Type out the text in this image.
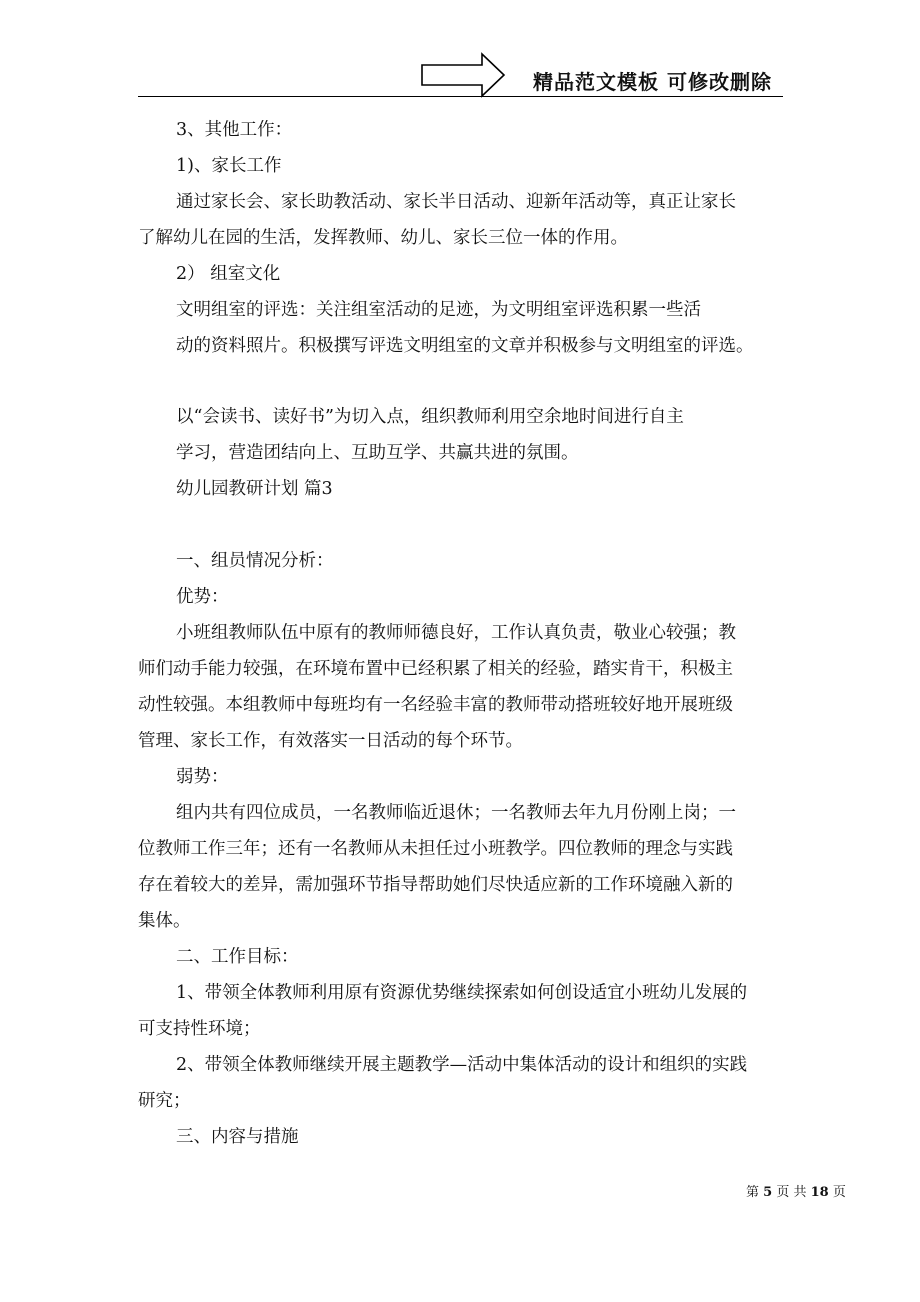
精品范文模板 可修改删除
3、其他工作：
1)、家长工作
通过家长会、家长助教活动、家长半日活动、迎新年活动等，真正让家长
了解幼儿在园的生活，发挥教师、幼儿、家长三位一体的作用。
2） 组室文化
文明组室的评选：关注组室活动的足迹，为文明组室评选积累一些活
动的资料照片。积极撰写评选文明组室的文章并积极参与文明组室的评选。
以“会读书、读好书”为切入点，组织教师利用空余地时间进行自主
学习，营造团结向上、互助互学、共赢共进的氛围。
幼儿园教研计划 篇3
一、组员情况分析：
优势：
小班组教师队伍中原有的教师师德良好，工作认真负责，敬业心较强；教
师们动手能力较强，在环境布置中已经积累了相关的经验，踏实肯干，积极主
动性较强。本组教师中每班均有一名经验丰富的教师带动搭班较好地开展班级
管理、家长工作，有效落实一日活动的每个环节。
弱势：
组内共有四位成员，一名教师临近退休；一名教师去年九月份刚上岗；一
位教师工作三年；还有一名教师从未担任过小班教学。四位教师的理念与实践
存在着较大的差异，需加强环节指导帮助她们尽快适应新的工作环境融入新的
集体。
二、工作目标：
1、带领全体教师利用原有资源优势继续探索如何创设适宜小班幼儿发展的
可支持性环境；
2、带领全体教师继续开展主题教学—活动中集体活动的设计和组织的实践
研究；
三、内容与措施
第 5 页 共 18 页
